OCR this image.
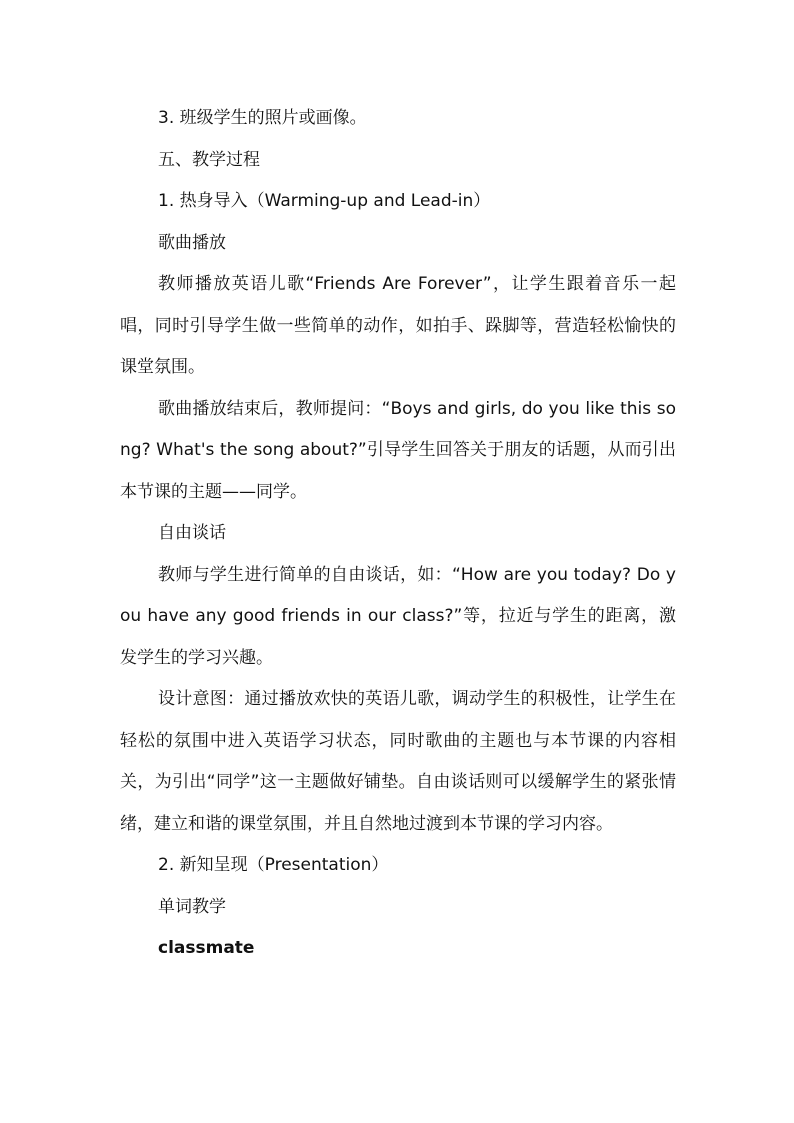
3. 班级学生的照片或画像。
五、教学过程
1. 热身导入（Warming-up and Lead-in）
歌曲播放

教师播放英语儿歌“Friends Are Forever”，让学生跟着音乐一起唱，同时引导学生做一些简单的动作，如拍手、跺脚等，营造轻松愉快的课堂氛围。

歌曲播放结束后，教师提问：“Boys and girls, do you like this song? What's the song about?”引导学生回答关于朋友的话题，从而引出本节课的主题——同学。

自由谈话

教师与学生进行简单的自由谈话，如：“How are you today? Do you have any good friends in our class?”等，拉近与学生的距离，激发学生的学习兴趣。

设计意图：通过播放欢快的英语儿歌，调动学生的积极性，让学生在轻松的氛围中进入英语学习状态，同时歌曲的主题也与本节课的内容相关，为引出“同学”这一主题做好铺垫。自由谈话则可以缓解学生的紧张情绪，建立和谐的课堂氛围，并且自然地过渡到本节课的学习内容。

2. 新知呈现（Presentation）
单词教学
classmate
